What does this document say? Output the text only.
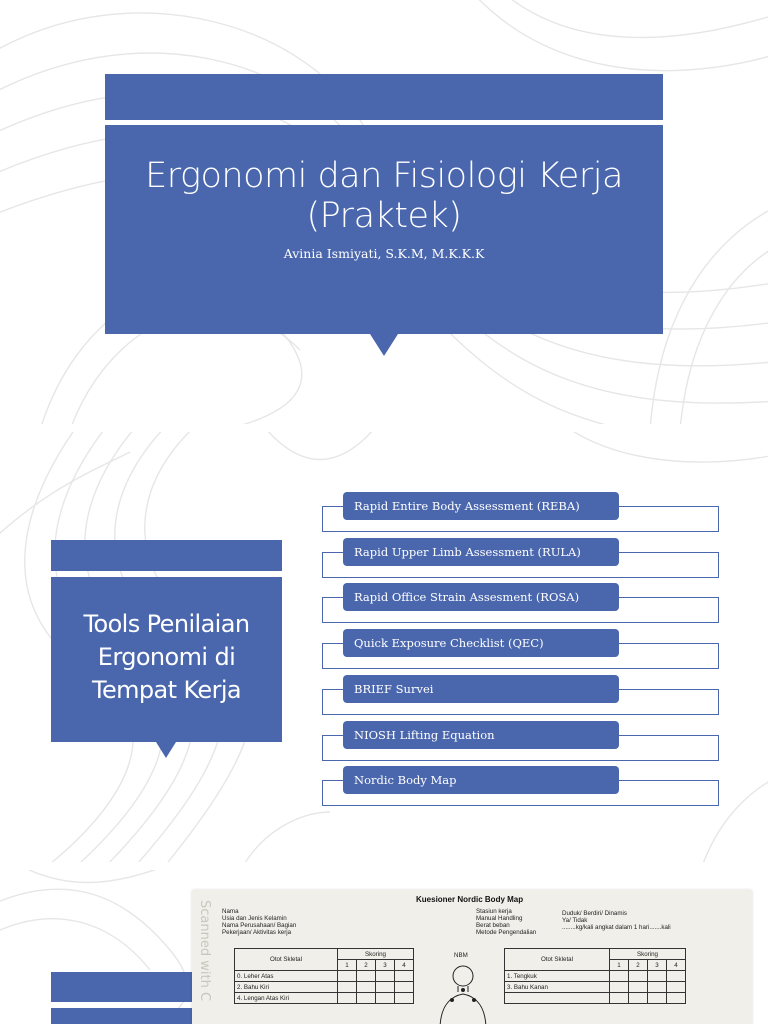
Ergonomi dan Fisiologi Kerja
(Praktek)
Avinia Ismiyati, S.K.M, M.K.K.K
Tools Penilaian
Ergonomi di
Tempat Kerja
Rapid Entire Body Assessment (REBA)
Rapid Upper Limb Assessment (RULA)
Rapid Office Strain Assesment (ROSA)
Quick Exposure Checklist (QEC)
BRIEF Survei
NIOSH Lifting Equation
Nordic Body Map
Kuesioner Nordic Body Map
Nama
Usia dan Jenis Kelamin
Nama Perusahaan/ Bagian
Pekerjaan/ Aktivitas kerja
Stasiun kerja
Manual Handling
Berat beban
Metode Pengendalian
Duduk/ Berdiri/ Dinamis
Ya/ Tidak
........kg/kali angkat dalam 1 hari.......kali
Otot Skletal	Skoring			
	1	2	3	4
0. Leher Atas				
2. Bahu Kiri				
4. Lengan Atas Kiri				
NBM
Otot Skletal	Skoring			
	1	2	3	4
1. Tengkuk				
3. Bahu Kanan				

Scanned with C
